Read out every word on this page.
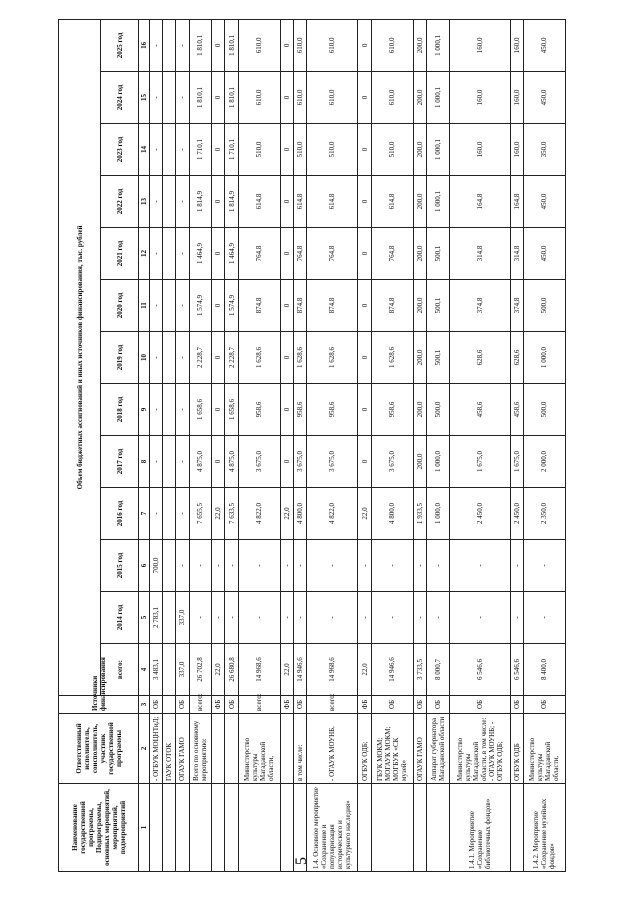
5
Наименование государственной программы, Подпрограммы, основных мероприятий, мероприятий, подмероприятий	Ответственный исполнитель, соисполнитель, участник государственной программы	Источники финансирования	Объем бюджетных ассигнований и иных источников финансирования, тыс. рублей												
			всего:	2014 год	2015 год	2016 год	2017 год	2018 год	2019 год	2020 год	2021 год	2022 год	2023 год	2024 год	2025 год
1	2	3	4	5	6	7	8	9	10	11	12	13	14	15	16
	- ОГБУК МОЦНТиД;	ОБ	3 483,1	2 783,1	700,0	-	-	-	-	-	-	-	-	-	-
	ГАУК ОТОК														
	ОГАУК ГАМО	ОБ	337,0	337,0	-	-	-	-	-	-	-	-	-	-	-
	Всего по основному мероприятию:	всего:	26 702,8	-	-	7 655,5	4 875,0	1 658,6	2 228,7	1 574,9	1 464,9	1 814,9	1 710,1	1 810,1	1 810,1
		ФБ	22,0	-	-	22,0	0	0	0	0	0	0	0	0	0
		ОБ	26 680,8	-	-	7 633,5	4 875,0	1 658,6	2 228,7	1 574,9	1 464,9	1 814,9	1 710,1	1 810,1	1 810,1
	Министерство культуры Магаданской области,	всего:	14 968,6	-	-	4 822,0	3 675,0	958,6	1 628,6	874,8	764,8	614,8	510,0	610,0	610,0
		ФБ	22,0	-	-	22,0	0	0	0	0	0	0	0	0	0
	в том числе:	ОБ	14 946,6	-	-	4 800,0	3 675,0	958,6	1 628,6	874,8	764,8	614,8	510,0	610,0	610,0
1.4. Основное мероприятие «Сохранение и популяризация исторического и культурного наследия»	- ОГАУК МОУНБ,	всего:	14 968,6	-	-	4 822,0	3 675,0	958,6	1 628,6	874,8	764,8	614,8	510,0	610,0	610,0
	ОГБУК ОДБ;	ФБ	22,0	-	-	22,0	0	0	0	0	0	0	0	0	0
	ГБУК МОКМ; МОГАУК МОКМ; МОГБУК «СК музей»	ОБ	14 946,6	-	-	4 800,0	3 675,0	958,6	1 628,6	874,8	764,8	614,8	510,0	610,0	610,0
	ОГАУК ГАМО	ОБ	3 733,5	-	-	1 933,5	200,0	200,0	200,0	200,0	200,0	200,0	200,0	200,0	200,0
	Аппарат губернатора Магаданской области	ОБ	8 000,7	-	-	1 000,0	1 000,0	500,0	500,1	500,1	500,1	1 000,1	1 000,1	1 000,1	1 000,1
1.4.1. Мероприятие «Сохранение библиотечных фондов»	Министерство культуры Магаданской области, в том числе: - ОГАУК МОУНБ; - ОГБУК ОДБ;	ОБ	6 546,6	-	-	2 450,0	1 675,0	458,6	628,6	374,8	314,8	164,8	160,0	160,0	160,0
	ОГБУК ОДБ	ОБ	6 546,6	-	-	2 450,0	1 675,0	458,6	628,6	374,8	314,8	164,8	160,0	160,0	160,0
1.4.2. Мероприятие «Сохранение музейных фондов»	Министерство культуры Магаданской области,	ОБ	8 400,0	-	-	2 350,0	2 000,0	500,0	1 000,0	500,0	450,0	450,0	350,0	450,0	450,0
